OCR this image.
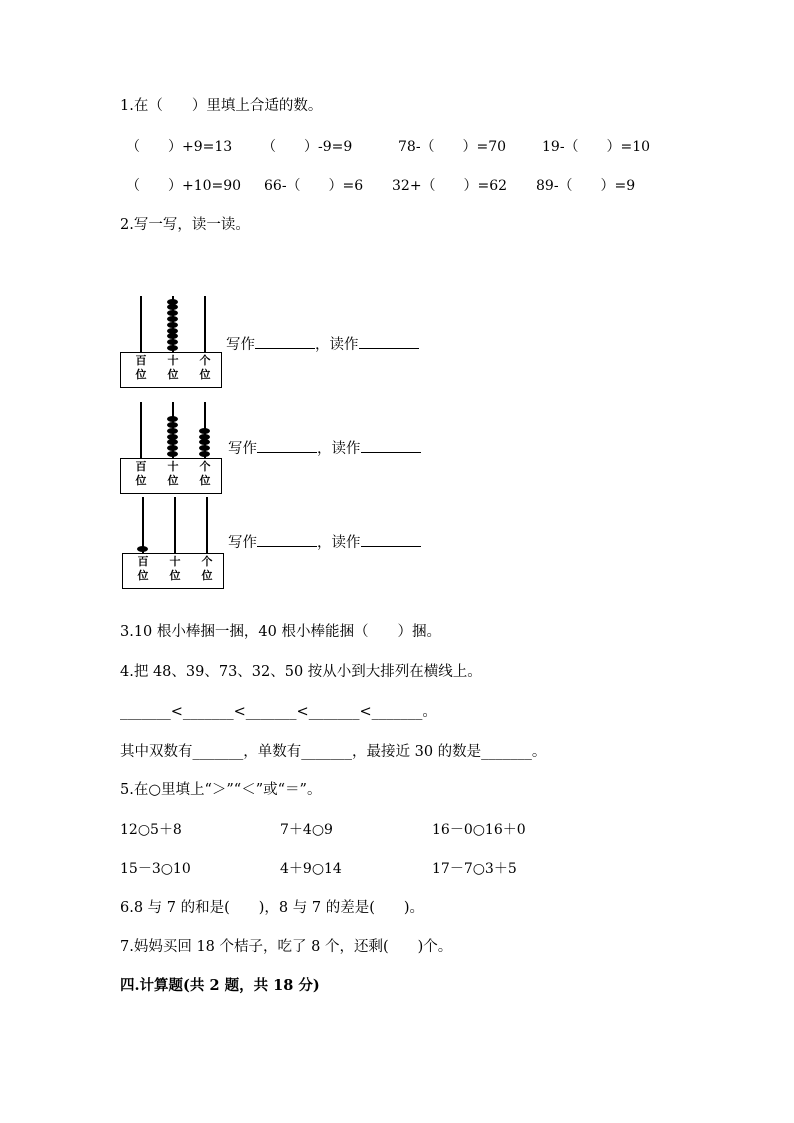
1.在（　　）里填上合适的数。
（　　）+9=13 （　　）-9=9	78-（　　）=70	19-（　　）=10
（　　）+10=90 66-（　　）=6 32+（　　）=62 89-（　　）=9
2.写一写，读一读。
百
位
十
位
个
位
写作	，读作
百
位
十
位
个
位
写作	，读作
百
位
十
位
个
位
写作	，读作
3.10 根小棒捆一捆，40 根小棒能捆（　　）捆。
4.把 48、39、73、32、50 按从小到大排列在横线上。
_______<_______<_______<_______<_______。
其中双数有_______，单数有_______，最接近 30 的数是_______。
5.在○里填上“＞”“＜”或“＝”。
12○5＋8	7＋4○9	16－0○16＋0
15－3○10	4＋9○14	17－7○3＋5
6.8 与 7 的和是(　　)，8 与 7 的差是(　　)。
7.妈妈买回 18 个桔子，吃了 8 个，还剩(　　)个。
四.计算题(共 2 题，共 18 分)
